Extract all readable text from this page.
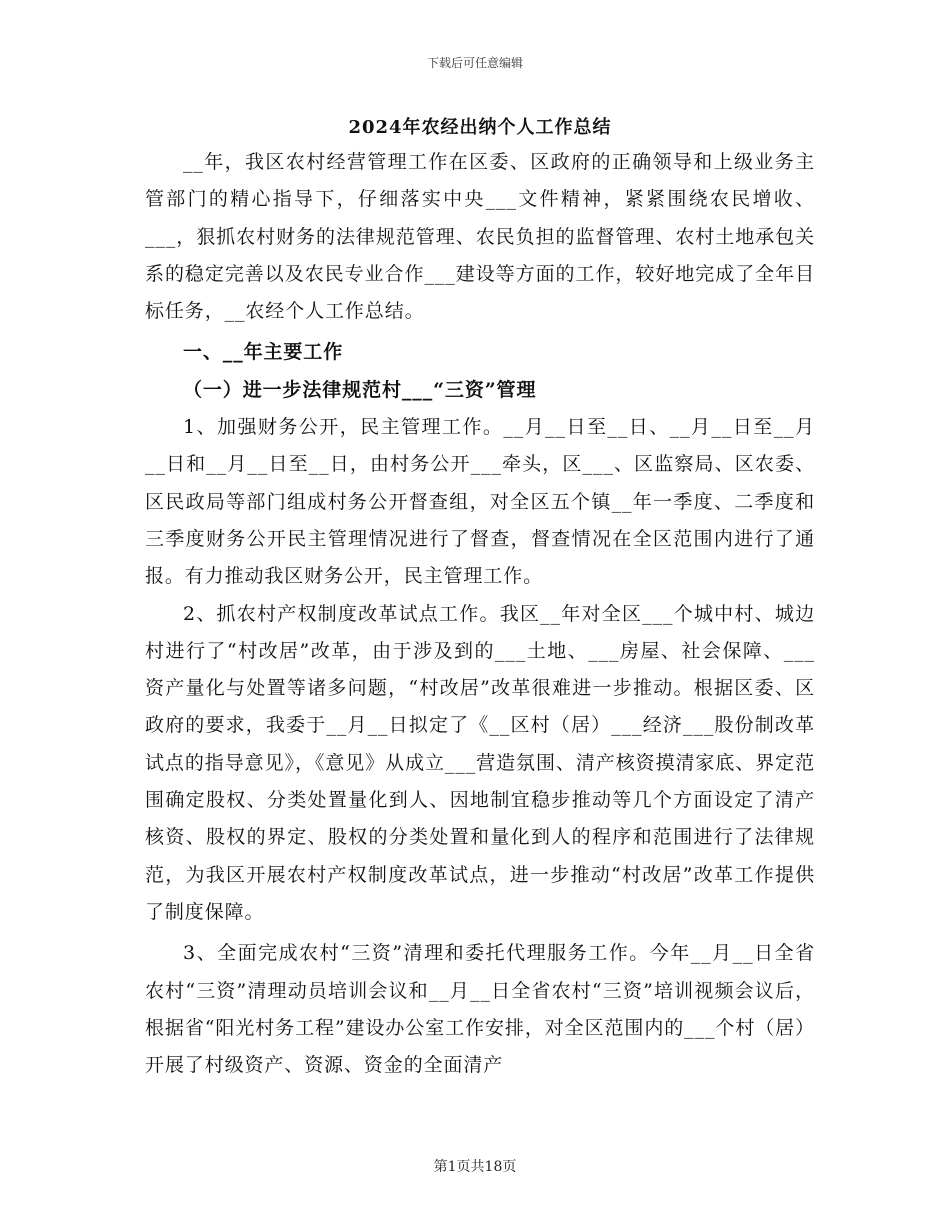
下载后可任意编辑
2024年农经出纳个人工作总结

__年，我区农村经营管理工作在区委、区政府的正确领导和上级业务主管部门的精心指导下，仔细落实中央___文件精神，紧紧围绕农民增收、___，狠抓农村财务的法律规范管理、农民负担的监督管理、农村土地承包关系的稳定完善以及农民专业合作___建设等方面的工作，较好地完成了全年目标任务，__农经个人工作总结。

一、__年主要工作

（一）进一步法律规范村___“三资”管理

1、加强财务公开，民主管理工作。__月__日至__日、__月__日至__月__日和__月__日至__日，由村务公开___牵头，区___、区监察局、区农委、区民政局等部门组成村务公开督查组，对全区五个镇__年一季度、二季度和三季度财务公开民主管理情况进行了督查，督查情况在全区范围内进行了通报。有力推动我区财务公开，民主管理工作。

2、抓农村产权制度改革试点工作。我区__年对全区___个城中村、城边村进行了“村改居”改革，由于涉及到的___土地、___房屋、社会保障、___资产量化与处置等诸多问题，“村改居”改革很难进一步推动。根据区委、区政府的要求，我委于__月__日拟定了《__区村（居）___经济___股份制改革试点的指导意见》，《意见》从成立___营造氛围、清产核资摸清家底、界定范围确定股权、分类处置量化到人、因地制宜稳步推动等几个方面设定了清产核资、股权的界定、股权的分类处置和量化到人的程序和范围进行了法律规范，为我区开展农村产权制度改革试点，进一步推动“村改居”改革工作提供了制度保障。

3、全面完成农村“三资”清理和委托代理服务工作。今年__月__日全省农村“三资”清理动员培训会议和__月__日全省农村“三资”培训视频会议后，根据省“阳光村务工程”建设办公室工作安排，对全区范围内的___个村（居）开展了村级资产、资源、资金的全面清产

第1页共18页
